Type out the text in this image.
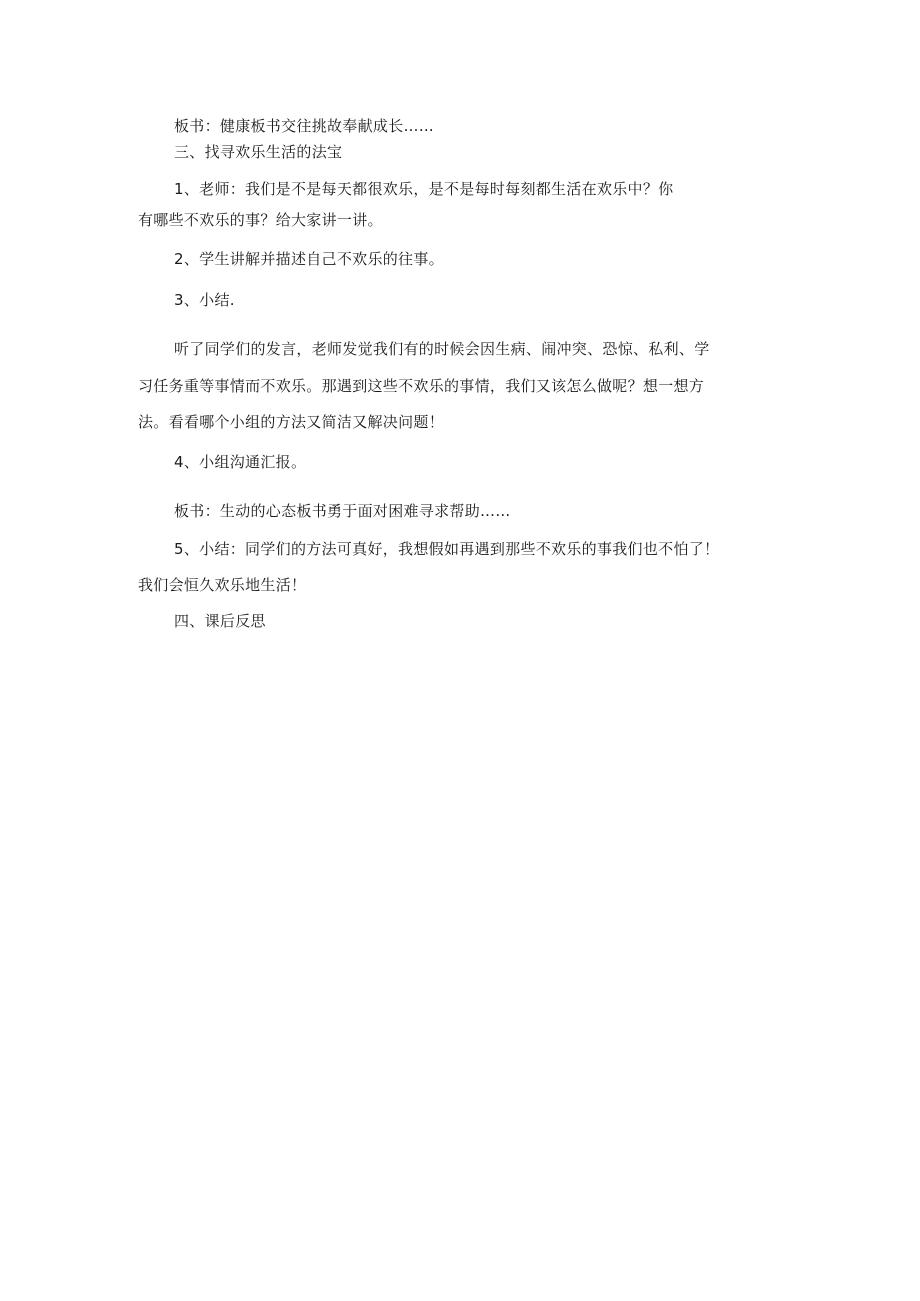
板书：健康板书交往挑故奉献成长……
三、找寻欢乐生活的法宝
1、老师：我们是不是每天都很欢乐，是不是每时每刻都生活在欢乐中？你
有哪些不欢乐的事？给大家讲一讲。
2、学生讲解并描述自己不欢乐的往事。
3、小结.
听了同学们的发言，老师发觉我们有的时候会因生病、闹冲突、恐惊、私利、学
习任务重等事情而不欢乐。那遇到这些不欢乐的事情，我们又该怎么做呢？想一想方
法。看看哪个小组的方法又简洁又解决问题！
4、小组沟通汇报。
板书：生动的心态板书勇于面对困难寻求帮助……
5、小结：同学们的方法可真好，我想假如再遇到那些不欢乐的事我们也不怕了！
我们会恒久欢乐地生活！
四、课后反思
